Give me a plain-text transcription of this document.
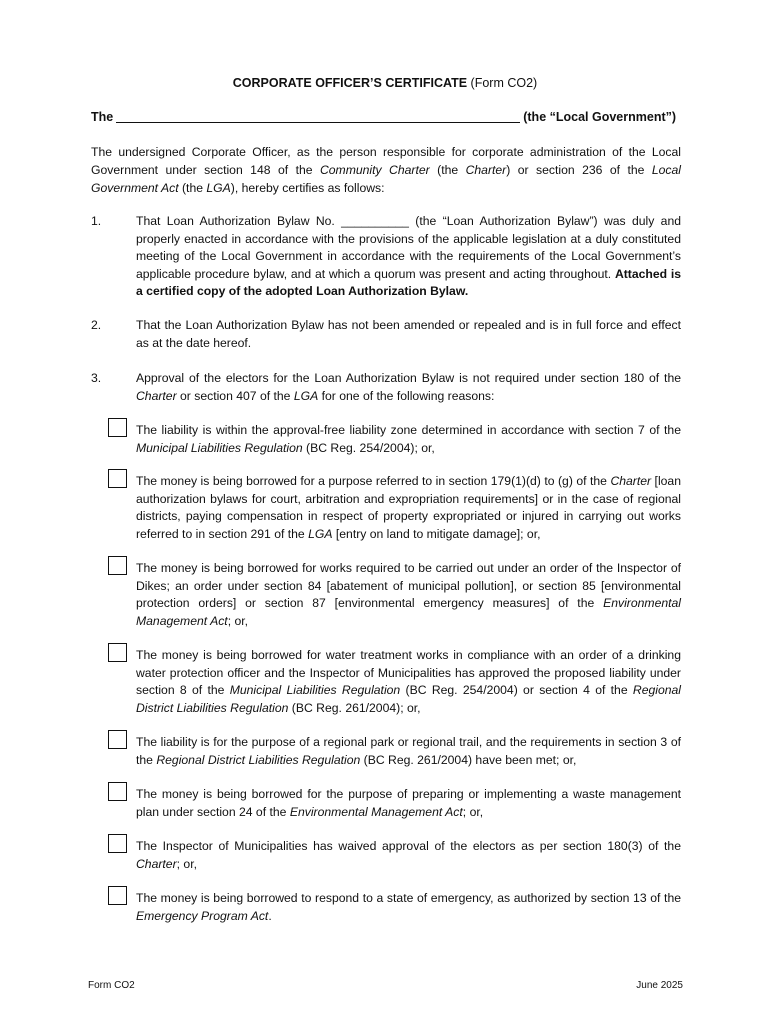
CORPORATE OFFICER’S CERTIFICATE (Form CO2)
The	(the “Local Government”)
The undersigned Corporate Officer, as the person responsible for corporate administration of the Local Government under section 148 of the Community Charter (the Charter) or section 236 of the Local Government Act (the LGA), hereby certifies as follows:
1.	That Loan Authorization Bylaw No. __________ (the “Loan Authorization Bylaw”) was duly and properly enacted in accordance with the provisions of the applicable legislation at a duly constituted meeting of the Local Government in accordance with the requirements of the Local Government’s applicable procedure bylaw, and at which a quorum was present and acting throughout. Attached is a certified copy of the adopted Loan Authorization Bylaw.
2.	That the Loan Authorization Bylaw has not been amended or repealed and is in full force and effect as at the date hereof.
3.	Approval of the electors for the Loan Authorization Bylaw is not required under section 180 of the Charter or section 407 of the LGA for one of the following reasons:
The liability is within the approval-free liability zone determined in accordance with section 7 of the Municipal Liabilities Regulation (BC Reg. 254/2004); or,
The money is being borrowed for a purpose referred to in section 179(1)(d) to (g) of the Charter [loan authorization bylaws for court, arbitration and expropriation requirements] or in the case of regional districts, paying compensation in respect of property expropriated or injured in carrying out works referred to in section 291 of the LGA [entry on land to mitigate damage]; or,
The money is being borrowed for works required to be carried out under an order of the Inspector of Dikes; an order under section 84 [abatement of municipal pollution], or section 85 [environmental protection orders] or section 87 [environmental emergency measures] of the Environmental Management Act; or,
The money is being borrowed for water treatment works in compliance with an order of a drinking water protection officer and the Inspector of Municipalities has approved the proposed liability under section 8 of the Municipal Liabilities Regulation (BC Reg. 254/2004) or section 4 of the Regional District Liabilities Regulation (BC Reg. 261/2004); or,
The liability is for the purpose of a regional park or regional trail, and the requirements in section 3 of the Regional District Liabilities Regulation (BC Reg. 261/2004) have been met; or,
The money is being borrowed for the purpose of preparing or implementing a waste management plan under section 24 of the Environmental Management Act; or,
The Inspector of Municipalities has waived approval of the electors as per section 180(3) of the Charter; or,
The money is being borrowed to respond to a state of emergency, as authorized by section 13 of the Emergency Program Act.
Form CO2	June 2025
